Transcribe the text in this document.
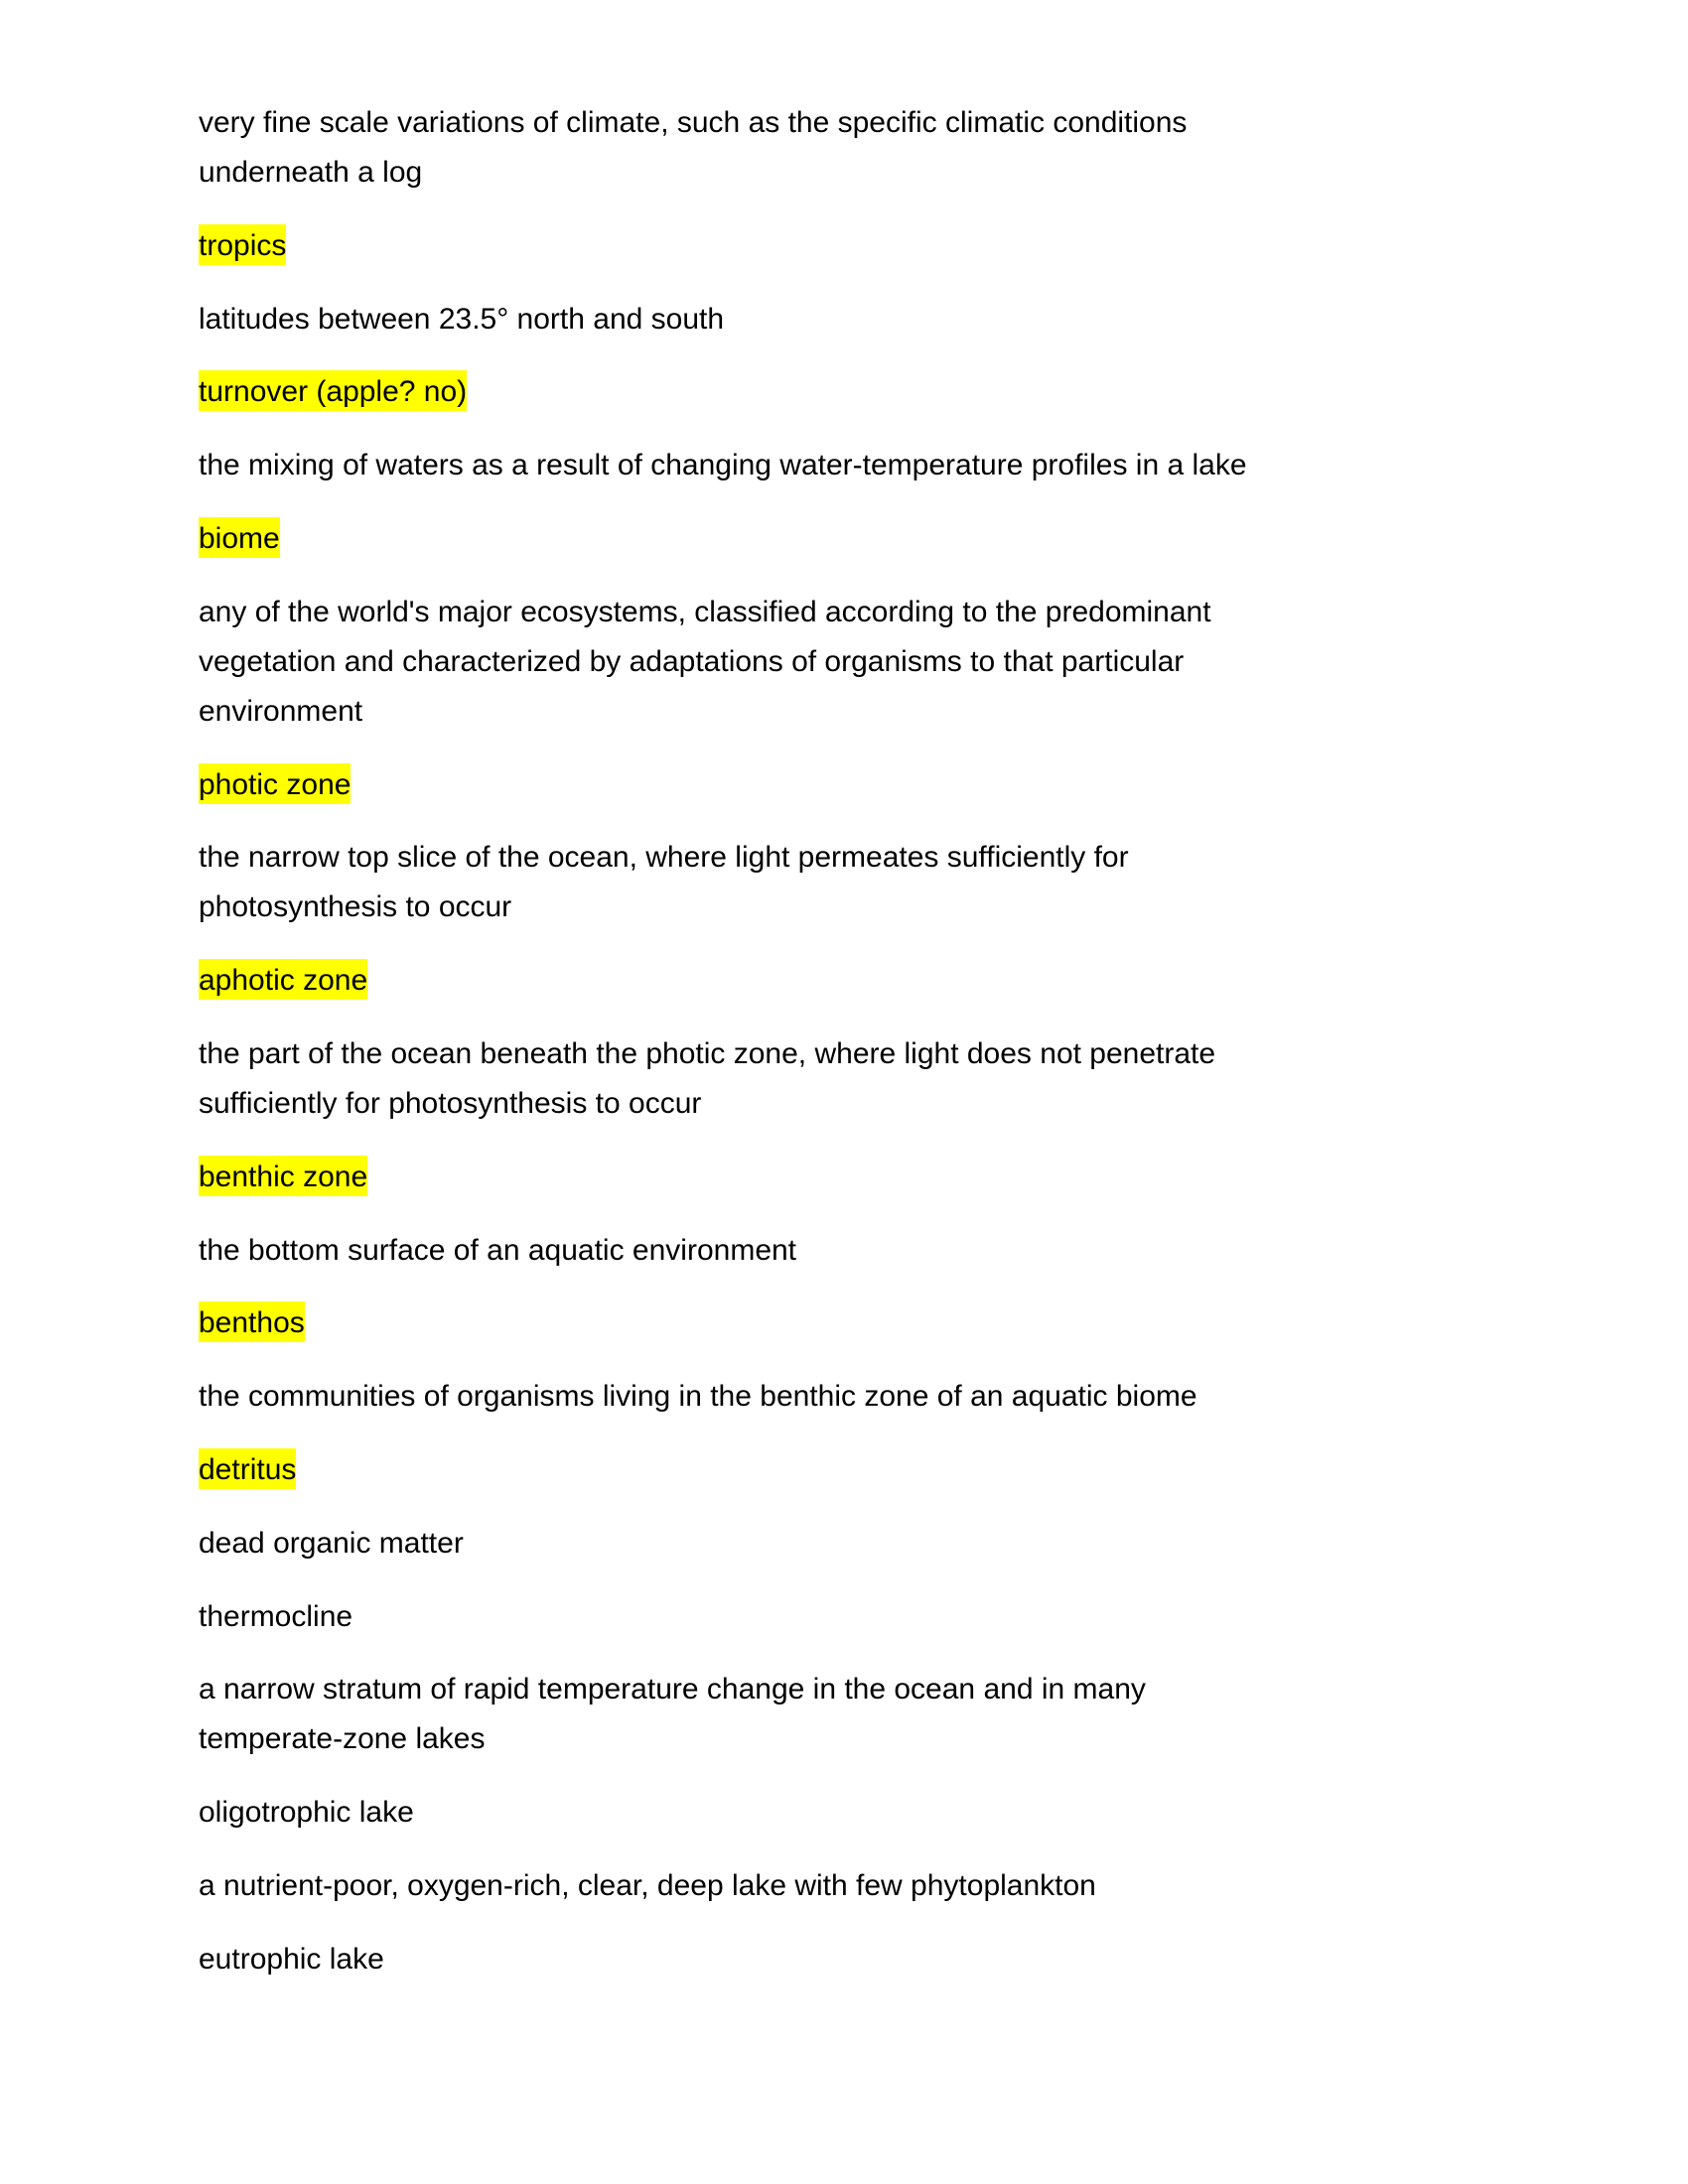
very fine scale variations of climate, such as the specific climatic conditions
underneath a log
tropics
latitudes between 23.5° north and south
turnover (apple? no)
the mixing of waters as a result of changing water-temperature profiles in a lake
biome
any of the world's major ecosystems, classified according to the predominant
vegetation and characterized by adaptations of organisms to that particular
environment
photic zone
the narrow top slice of the ocean, where light permeates sufficiently for
photosynthesis to occur
aphotic zone
the part of the ocean beneath the photic zone, where light does not penetrate
sufficiently for photosynthesis to occur
benthic zone
the bottom surface of an aquatic environment
benthos
the communities of organisms living in the benthic zone of an aquatic biome
detritus
dead organic matter
thermocline
a narrow stratum of rapid temperature change in the ocean and in many
temperate-zone lakes
oligotrophic lake
a nutrient-poor, oxygen-rich, clear, deep lake with few phytoplankton
eutrophic lake
